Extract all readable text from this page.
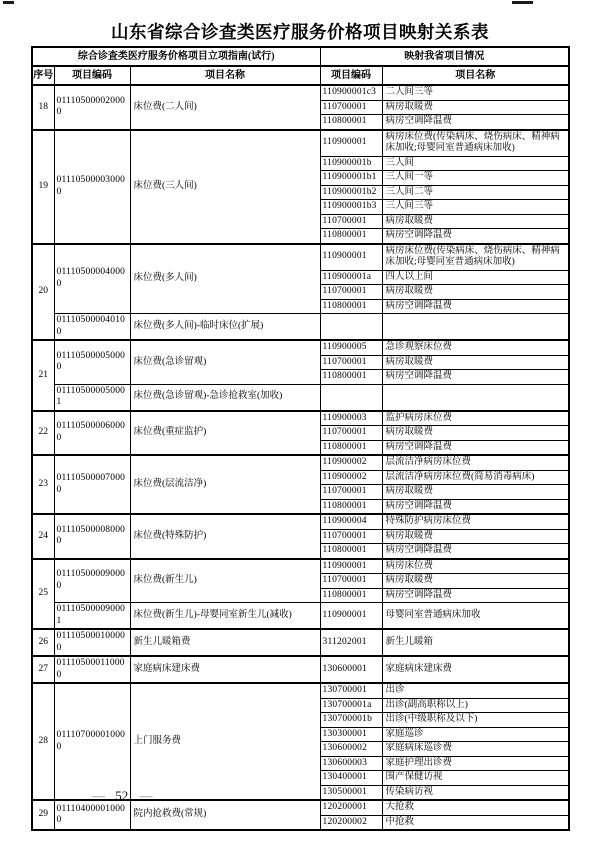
山东省综合诊查类医疗服务价格项目映射关系表
综合诊查类医疗服务价格项目立项指南(试行)			映射我省项目情况	
序号	项目编码	项目名称	项目编码	项目名称
18	011105000020000	床位费(二人间)	110900001c3	二人间三等
			110700001	病房取暖费
			110800001	病房空调降温费
19	011105000030000	床位费(三人间)	110900001	病房床位费(传染病床、烧伤病床、精神病床加收;母婴同室普通病床加收)
			110900001b	三人间
			110900001b1	三人间一等
			110900001b2	三人间二等
			110900001b3	三人间三等
			110700001	病房取暖费
			110800001	病房空调降温费
20	011105000040000	床位费(多人间)	110900001	病房床位费(传染病床、烧伤病床、精神病床加收;母婴同室普通病床加收)
			110900001a	四人以上间
			110700001	病房取暖费
			110800001	病房空调降温费
	011105000040100	床位费(多人间)-临时床位(扩展)		
21	011105000050000	床位费(急诊留观)	110900005	急诊观察床位费
			110700001	病房取暖费
			110800001	病房空调降温费
	011105000050001	床位费(急诊留观)-急诊抢救室(加收)		
22	011105000060000	床位费(重症监护)	110900003	监护病房床位费
			110700001	病房取暖费
			110800001	病房空调降温费
23	011105000070000	床位费(层流洁净)	110900002	层流洁净病房床位费
			110900002	层流洁净病房床位费(简易消毒病床)
			110700001	病房取暖费
			110800001	病房空调降温费
24	011105000080000	床位费(特殊防护)	110900004	特殊防护病房床位费
			110700001	病房取暖费
			110800001	病房空调降温费
25	011105000090000	床位费(新生儿)	110900001	病房床位费
			110700001	病房取暖费
			110800001	病房空调降温费
	011105000090001	床位费(新生儿)-母婴同室新生儿(减收)	110900001	母婴同室普通病床加收
26	011105000100000	新生儿暖箱费	311202001	新生儿暖箱
27	011105000110000	家庭病床建床费	130600001	家庭病床建床费
28	011107000010000	上门服务费	130700001	出诊
			130700001a	出诊(副高职称以上)
			130700001b	出诊(中级职称及以下)
			130300001	家庭巡诊
			130600002	家庭病床巡诊费
			130600003	家庭护理出诊费
			130400001	围产保健访视
			130500001	传染病访视
29	011104000010000	院内抢救费(常规)	120200001	大抢救
			120200002	中抢救
— 52 —
